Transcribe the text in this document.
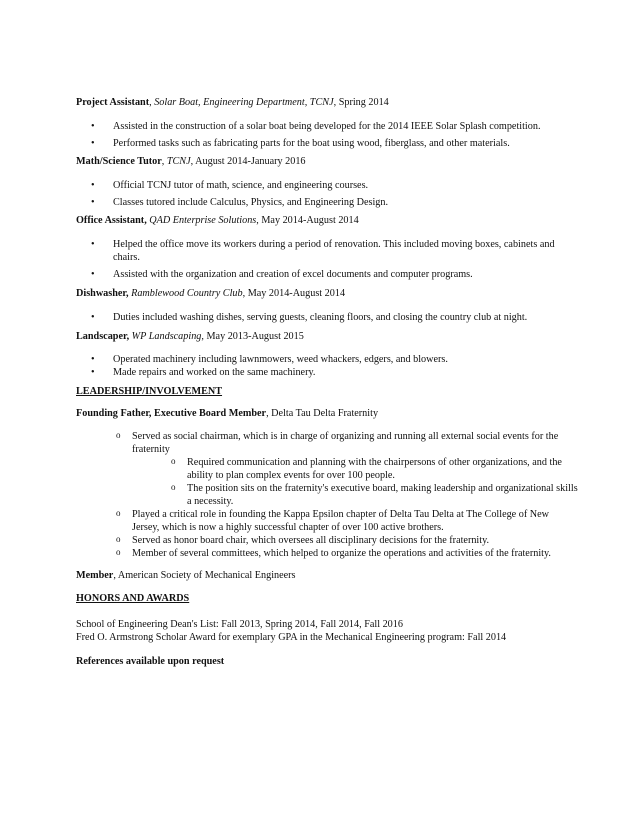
Project Assistant, Solar Boat, Engineering Department, TCNJ, Spring 2014

• Assisted in the construction of a solar boat being developed for the 2014 IEEE Solar Splash competition.
• Performed tasks such as fabricating parts for the boat using wood, fiberglass, and other materials.

Math/Science Tutor, TCNJ, August 2014-January 2016

• Official TCNJ tutor of math, science, and engineering courses.
• Classes tutored include Calculus, Physics, and Engineering Design.

Office Assistant, QAD Enterprise Solutions, May 2014-August 2014

• Helped the office move its workers during a period of renovation. This included moving boxes, cabinets and chairs.
• Assisted with the organization and creation of excel documents and computer programs.

Dishwasher, Ramblewood Country Club, May 2014-August 2014

• Duties included washing dishes, serving guests, cleaning floors, and closing the country club at night.

Landscaper, WP Landscaping, May 2013-August 2015

• Operated machinery including lawnmowers, weed whackers, edgers, and blowers.
• Made repairs and worked on the same machinery.

LEADERSHIP/INVOLVEMENT

Founding Father, Executive Board Member, Delta Tau Delta Fraternity

o Served as social chairman, which is in charge of organizing and running all external social events for the fraternity
o Required communication and planning with the chairpersons of other organizations, and the ability to plan complex events for over 100 people.
o The position sits on the fraternity's executive board, making leadership and organizational skills a necessity.
o Played a critical role in founding the Kappa Epsilon chapter of Delta Tau Delta at The College of New Jersey, which is now a highly successful chapter of over 100 active brothers.
o Served as honor board chair, which oversees all disciplinary decisions for the fraternity.
o Member of several committees, which helped to organize the operations and activities of the fraternity.

Member, American Society of Mechanical Engineers

HONORS AND AWARDS

School of Engineering Dean's List: Fall 2013, Spring 2014, Fall 2014, Fall 2016

Fred O. Armstrong Scholar Award for exemplary GPA in the Mechanical Engineering program: Fall 2014

References available upon request
